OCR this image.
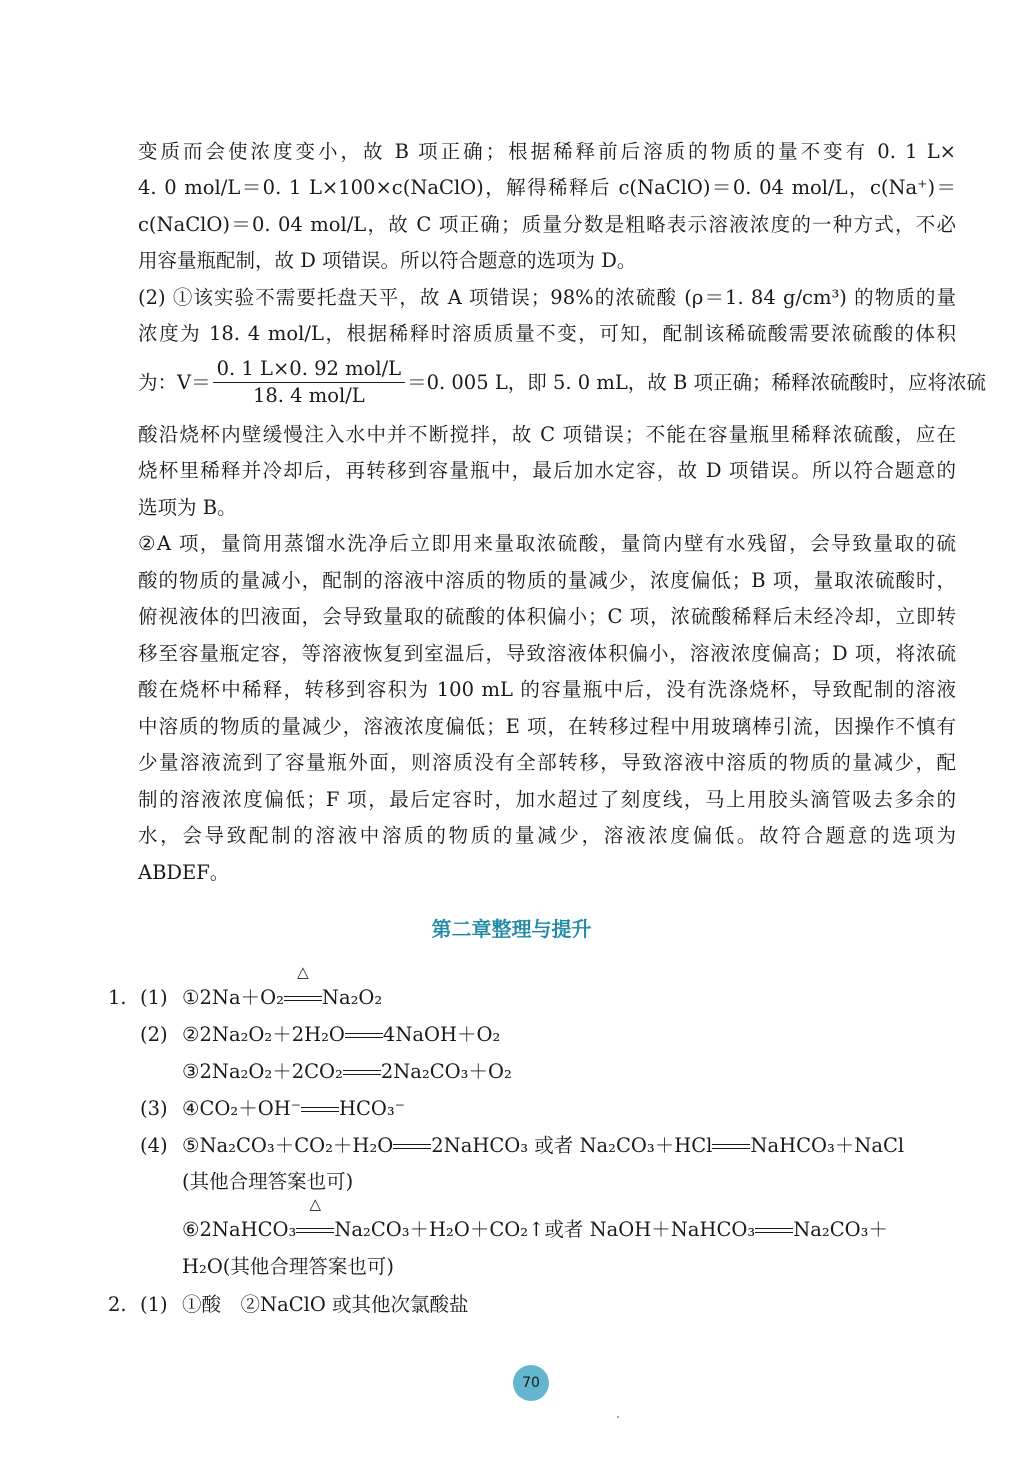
变质而会使浓度变小，故 B 项正确；根据稀释前后溶质的物质的量不变有 0. 1 L×
4. 0 mol/L＝0. 1 L×100×c(NaClO)，解得稀释后 c(NaClO)＝0. 04 mol/L，c(Na⁺)＝
c(NaClO)＝0. 04 mol/L，故 C 项正确；质量分数是粗略表示溶液浓度的一种方式，不必
用容量瓶配制，故 D 项错误。所以符合题意的选项为 D。
(2) ①该实验不需要托盘天平，故 A 项错误；98%的浓硫酸 (ρ＝1. 84 g/cm³) 的物质的量
浓度为 18. 4 mol/L，根据稀释时溶质质量不变，可知，配制该稀硫酸需要浓硫酸的体积
为：$V= \frac{\text{0. 1 L×0. 92 mol/L}}{\text{18. 4 mol/L}} =0$. 005 L，即 5. 0 mL，故 B 项正确；稀释浓硫酸时，应将浓硫
酸沿烧杯内壁缓慢注入水中并不断搅拌，故 C 项错误；不能在容量瓶里稀释浓硫酸，应在
烧杯里稀释并冷却后，再转移到容量瓶中，最后加水定容，故 D 项错误。所以符合题意的
选项为 B。
②A 项，量筒用蒸馏水洗净后立即用来量取浓硫酸，量筒内壁有水残留，会导致量取的硫
酸的物质的量减小，配制的溶液中溶质的物质的量减少，浓度偏低；B 项，量取浓硫酸时，
俯视液体的凹液面，会导致量取的硫酸的体积偏小；C 项，浓硫酸稀释后未经冷却，立即转
移至容量瓶定容，等溶液恢复到室温后，导致溶液体积偏小，溶液浓度偏高；D 项，将浓硫
酸在烧杯中稀释，转移到容积为 100 mL 的容量瓶中后，没有洗涤烧杯，导致配制的溶液
中溶质的物质的量减少，溶液浓度偏低；E 项，在转移过程中用玻璃棒引流，因操作不慎有
少量溶液流到了容量瓶外面，则溶质没有全部转移，导致溶液中溶质的物质的量减少，配
制的溶液浓度偏低；F 项，最后定容时，加水超过了刻度线，马上用胶头滴管吸去多余的
水，会导致配制的溶液中溶质的物质的量减少，溶液浓度偏低。故符合题意的选项为
ABDEF。
第二章整理与提升
1. (1) ①2Na＋O₂
△
Na₂O₂
(2) ②2Na₂O₂＋2H₂O 4NaOH＋O₂
③2Na₂O₂＋2CO₂ 2Na₂CO₃＋O₂
(3) ④CO₂＋OH⁻ HCO₃⁻
(4) ⑤Na₂CO₃＋CO₂＋H₂O 2NaHCO₃ 或者 Na₂CO₃＋HCl NaHCO₃＋NaCl
(其他合理答案也可)
⑥2NaHCO₃
△
Na₂CO₃＋H₂O＋CO₂↑或者 NaOH＋NaHCO₃ Na₂CO₃＋
H₂O(其他合理答案也可)
2. (1) ①酸　②NaClO 或其他次氯酸盐
70
